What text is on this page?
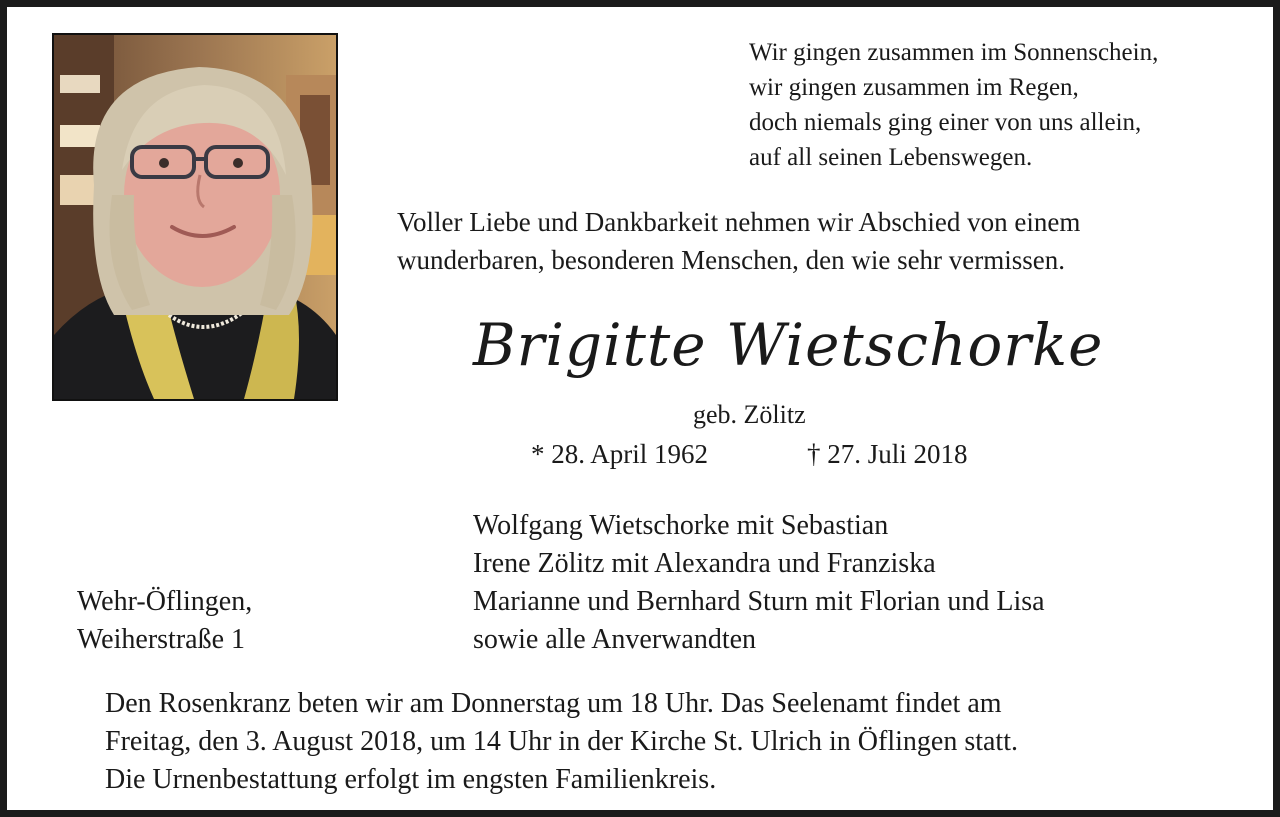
Wir gingen zusammen im Sonnenschein,
wir gingen zusammen im Regen,
doch niemals ging einer von uns allein,
auf all seinen Lebenswegen.
Voller Liebe und Dankbarkeit nehmen wir Abschied von einem
wunderbaren, besonderen Menschen, den wie sehr vermissen.
Brigitte Wietschorke
geb. Zölitz
* 28. April 1962	† 27. Juli 2018
Wolfgang Wietschorke mit Sebastian
Irene Zölitz mit Alexandra und Franziska
Marianne und Bernhard Sturn mit Florian und Lisa
sowie alle Anverwandten
Wehr-Öflingen,
Weiherstraße 1
Den Rosenkranz beten wir am Donnerstag um 18 Uhr. Das Seelenamt findet am
Freitag, den 3. August 2018, um 14 Uhr in der Kirche St. Ulrich in Öflingen statt.
Die Urnenbestattung erfolgt im engsten Familienkreis.
